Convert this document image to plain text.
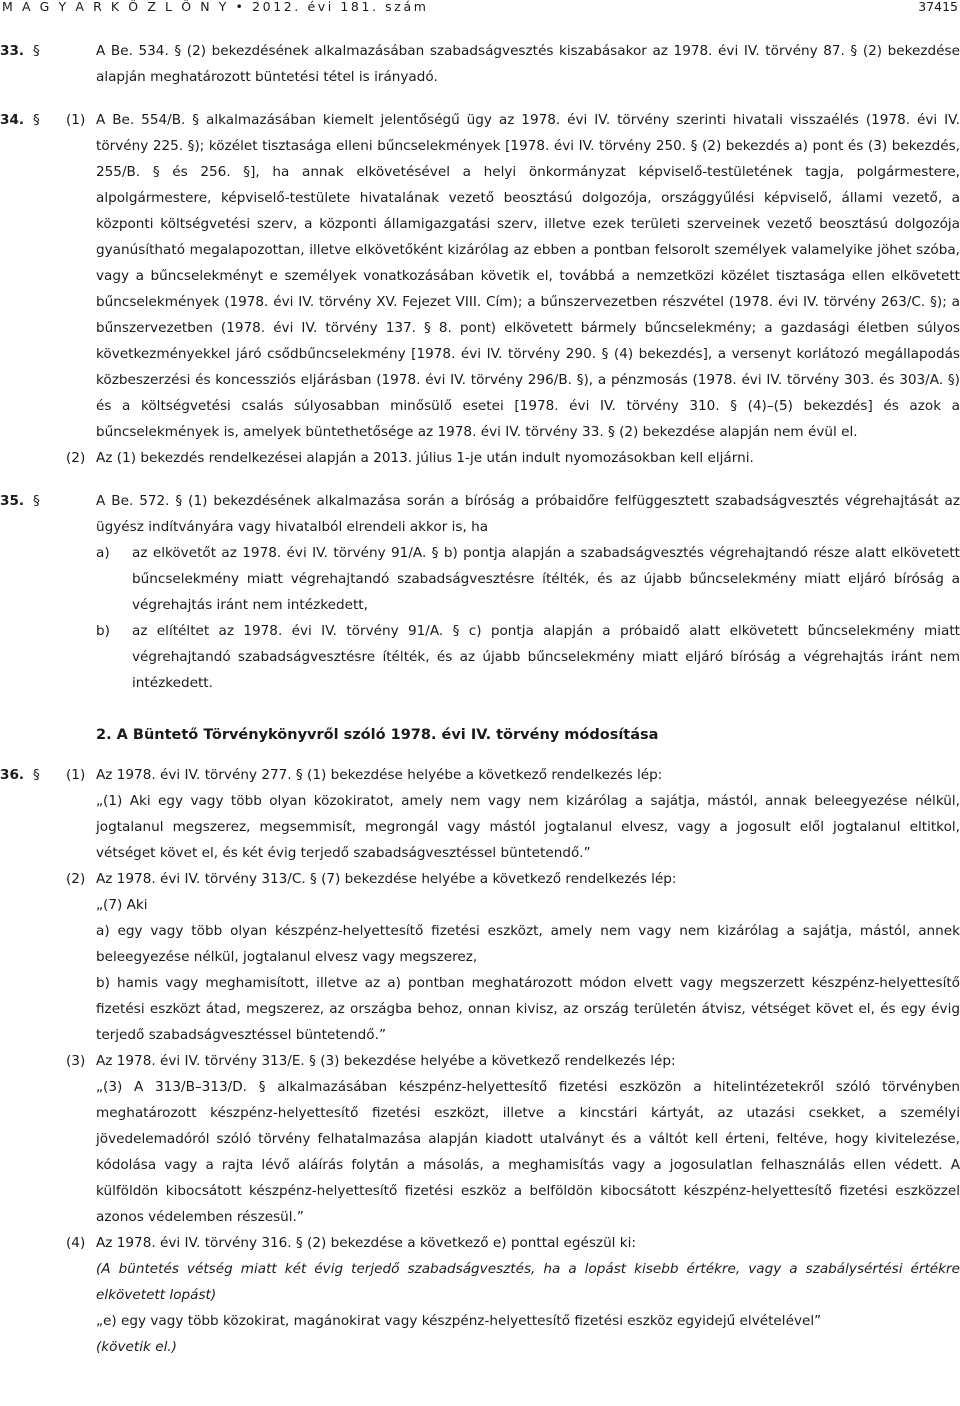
M A G Y A R K Ö Z L Ö N Y • 2012. évi 181. szám	37415
33. §	A Be. 534. § (2) bekezdésének alkalmazásában szabadságvesztés kiszabásakor az 1978. évi IV. törvény 87. § (2) bekezdése alapján meghatározott büntetési tétel is irányadó.
34. § (1) A Be. 554/B. § alkalmazásában kiemelt jelentőségű ügy az 1978. évi IV. törvény szerinti hivatali visszaélés (1978. évi IV. törvény 225. §); közélet tisztasága elleni bűncselekmények [1978. évi IV. törvény 250. § (2) bekezdés a) pont és (3) bekezdés, 255/B. § és 256. §], ha annak elkövetésével a helyi önkormányzat képviselő-testületének tagja, polgármestere, alpolgármestere, képviselő-testülete hivatalának vezető beosztású dolgozója, országgyűlési képviselő, állami vezető, a központi költségvetési szerv, a központi államigazgatási szerv, illetve ezek területi szerveinek vezető beosztású dolgozója gyanúsítható megalapozottan, illetve elkövetőként kizárólag az ebben a pontban felsorolt személyek valamelyike jöhet szóba, vagy a bűncselekményt e személyek vonatkozásában követik el, továbbá a nemzetközi közélet tisztasága ellen elkövetett bűncselekmények (1978. évi IV. törvény XV. Fejezet VIII. Cím); a bűnszervezetben részvétel (1978. évi IV. törvény 263/C. §); a bűnszervezetben (1978. évi IV. törvény 137. § 8. pont) elkövetett bármely bűncselekmény; a gazdasági életben súlyos következményekkel járó csődbűncselekmény [1978. évi IV. törvény 290. § (4) bekezdés], a versenyt korlátozó megállapodás közbeszerzési és koncessziós eljárásban (1978. évi IV. törvény 296/B. §), a pénzmosás (1978. évi IV. törvény 303. és 303/A. §) és a költségvetési csalás súlyosabban minősülő esetei [1978. évi IV. törvény 310. § (4)–(5) bekezdés] és azok a bűncselekmények is, amelyek büntethetősége az 1978. évi IV. törvény 33. § (2) bekezdése alapján nem évül el.
(2) Az (1) bekezdés rendelkezései alapján a 2013. július 1-je után indult nyomozásokban kell eljárni.
35. §	A Be. 572. § (1) bekezdésének alkalmazása során a bíróság a próbaidőre felfüggesztett szabadságvesztés végrehajtását az ügyész indítványára vagy hivatalból elrendeli akkor is, ha
a) az elkövetőt az 1978. évi IV. törvény 91/A. § b) pontja alapján a szabadságvesztés végrehajtandó része alatt elkövetett bűncselekmény miatt végrehajtandó szabadságvesztésre ítélték, és az újabb bűncselekmény miatt eljáró bíróság a végrehajtás iránt nem intézkedett,
b) az elítéltet az 1978. évi IV. törvény 91/A. § c) pontja alapján a próbaidő alatt elkövetett bűncselekmény miatt végrehajtandó szabadságvesztésre ítélték, és az újabb bűncselekmény miatt eljáró bíróság a végrehajtás iránt nem intézkedett.
2. A Büntető Törvénykönyvről szóló 1978. évi IV. törvény módosítása
36. § (1) Az 1978. évi IV. törvény 277. § (1) bekezdése helyébe a következő rendelkezés lép:
„(1) Aki egy vagy több olyan közokiratot, amely nem vagy nem kizárólag a sajátja, mástól, annak beleegyezése nélkül, jogtalanul megszerez, megsemmisít, megrongál vagy mástól jogtalanul elvesz, vagy a jogosult elől jogtalanul eltitkol, vétséget követ el, és két évig terjedő szabadságvesztéssel büntetendő.”
(2) Az 1978. évi IV. törvény 313/C. § (7) bekezdése helyébe a következő rendelkezés lép:
„(7) Aki
a) egy vagy több olyan készpénz-helyettesítő fizetési eszközt, amely nem vagy nem kizárólag a sajátja, mástól, annek beleegyezése nélkül, jogtalanul elvesz vagy megszerez,
b) hamis vagy meghamisított, illetve az a) pontban meghatározott módon elvett vagy megszerzett készpénz-helyettesítő fizetési eszközt átad, megszerez, az országba behoz, onnan kivisz, az ország területén átvisz, vétséget követ el, és egy évig terjedő szabadságvesztéssel büntetendő.”
(3) Az 1978. évi IV. törvény 313/E. § (3) bekezdése helyébe a következő rendelkezés lép:
„(3) A 313/B–313/D. § alkalmazásában készpénz-helyettesítő fizetési eszközön a hitelintézetekről szóló törvényben meghatározott készpénz-helyettesítő fizetési eszközt, illetve a kincstári kártyát, az utazási csekket, a személyi jövedelemadóról szóló törvény felhatalmazása alapján kiadott utalványt és a váltót kell érteni, feltéve, hogy kivitelezése, kódolása vagy a rajta lévő aláírás folytán a másolás, a meghamisítás vagy a jogosulatlan felhasználás ellen védett. A külföldön kibocsátott készpénz-helyettesítő fizetési eszköz a belföldön kibocsátott készpénz-helyettesítő fizetési eszközzel azonos védelemben részesül.”
(4) Az 1978. évi IV. törvény 316. § (2) bekezdése a következő e) ponttal egészül ki:
(A büntetés vétség miatt két évig terjedő szabadságvesztés, ha a lopást kisebb értékre, vagy a szabálysértési értékre elkövetett lopást)
„e) egy vagy több közokirat, magánokirat vagy készpénz-helyettesítő fizetési eszköz egyidejű elvételével”
(követik el.)
